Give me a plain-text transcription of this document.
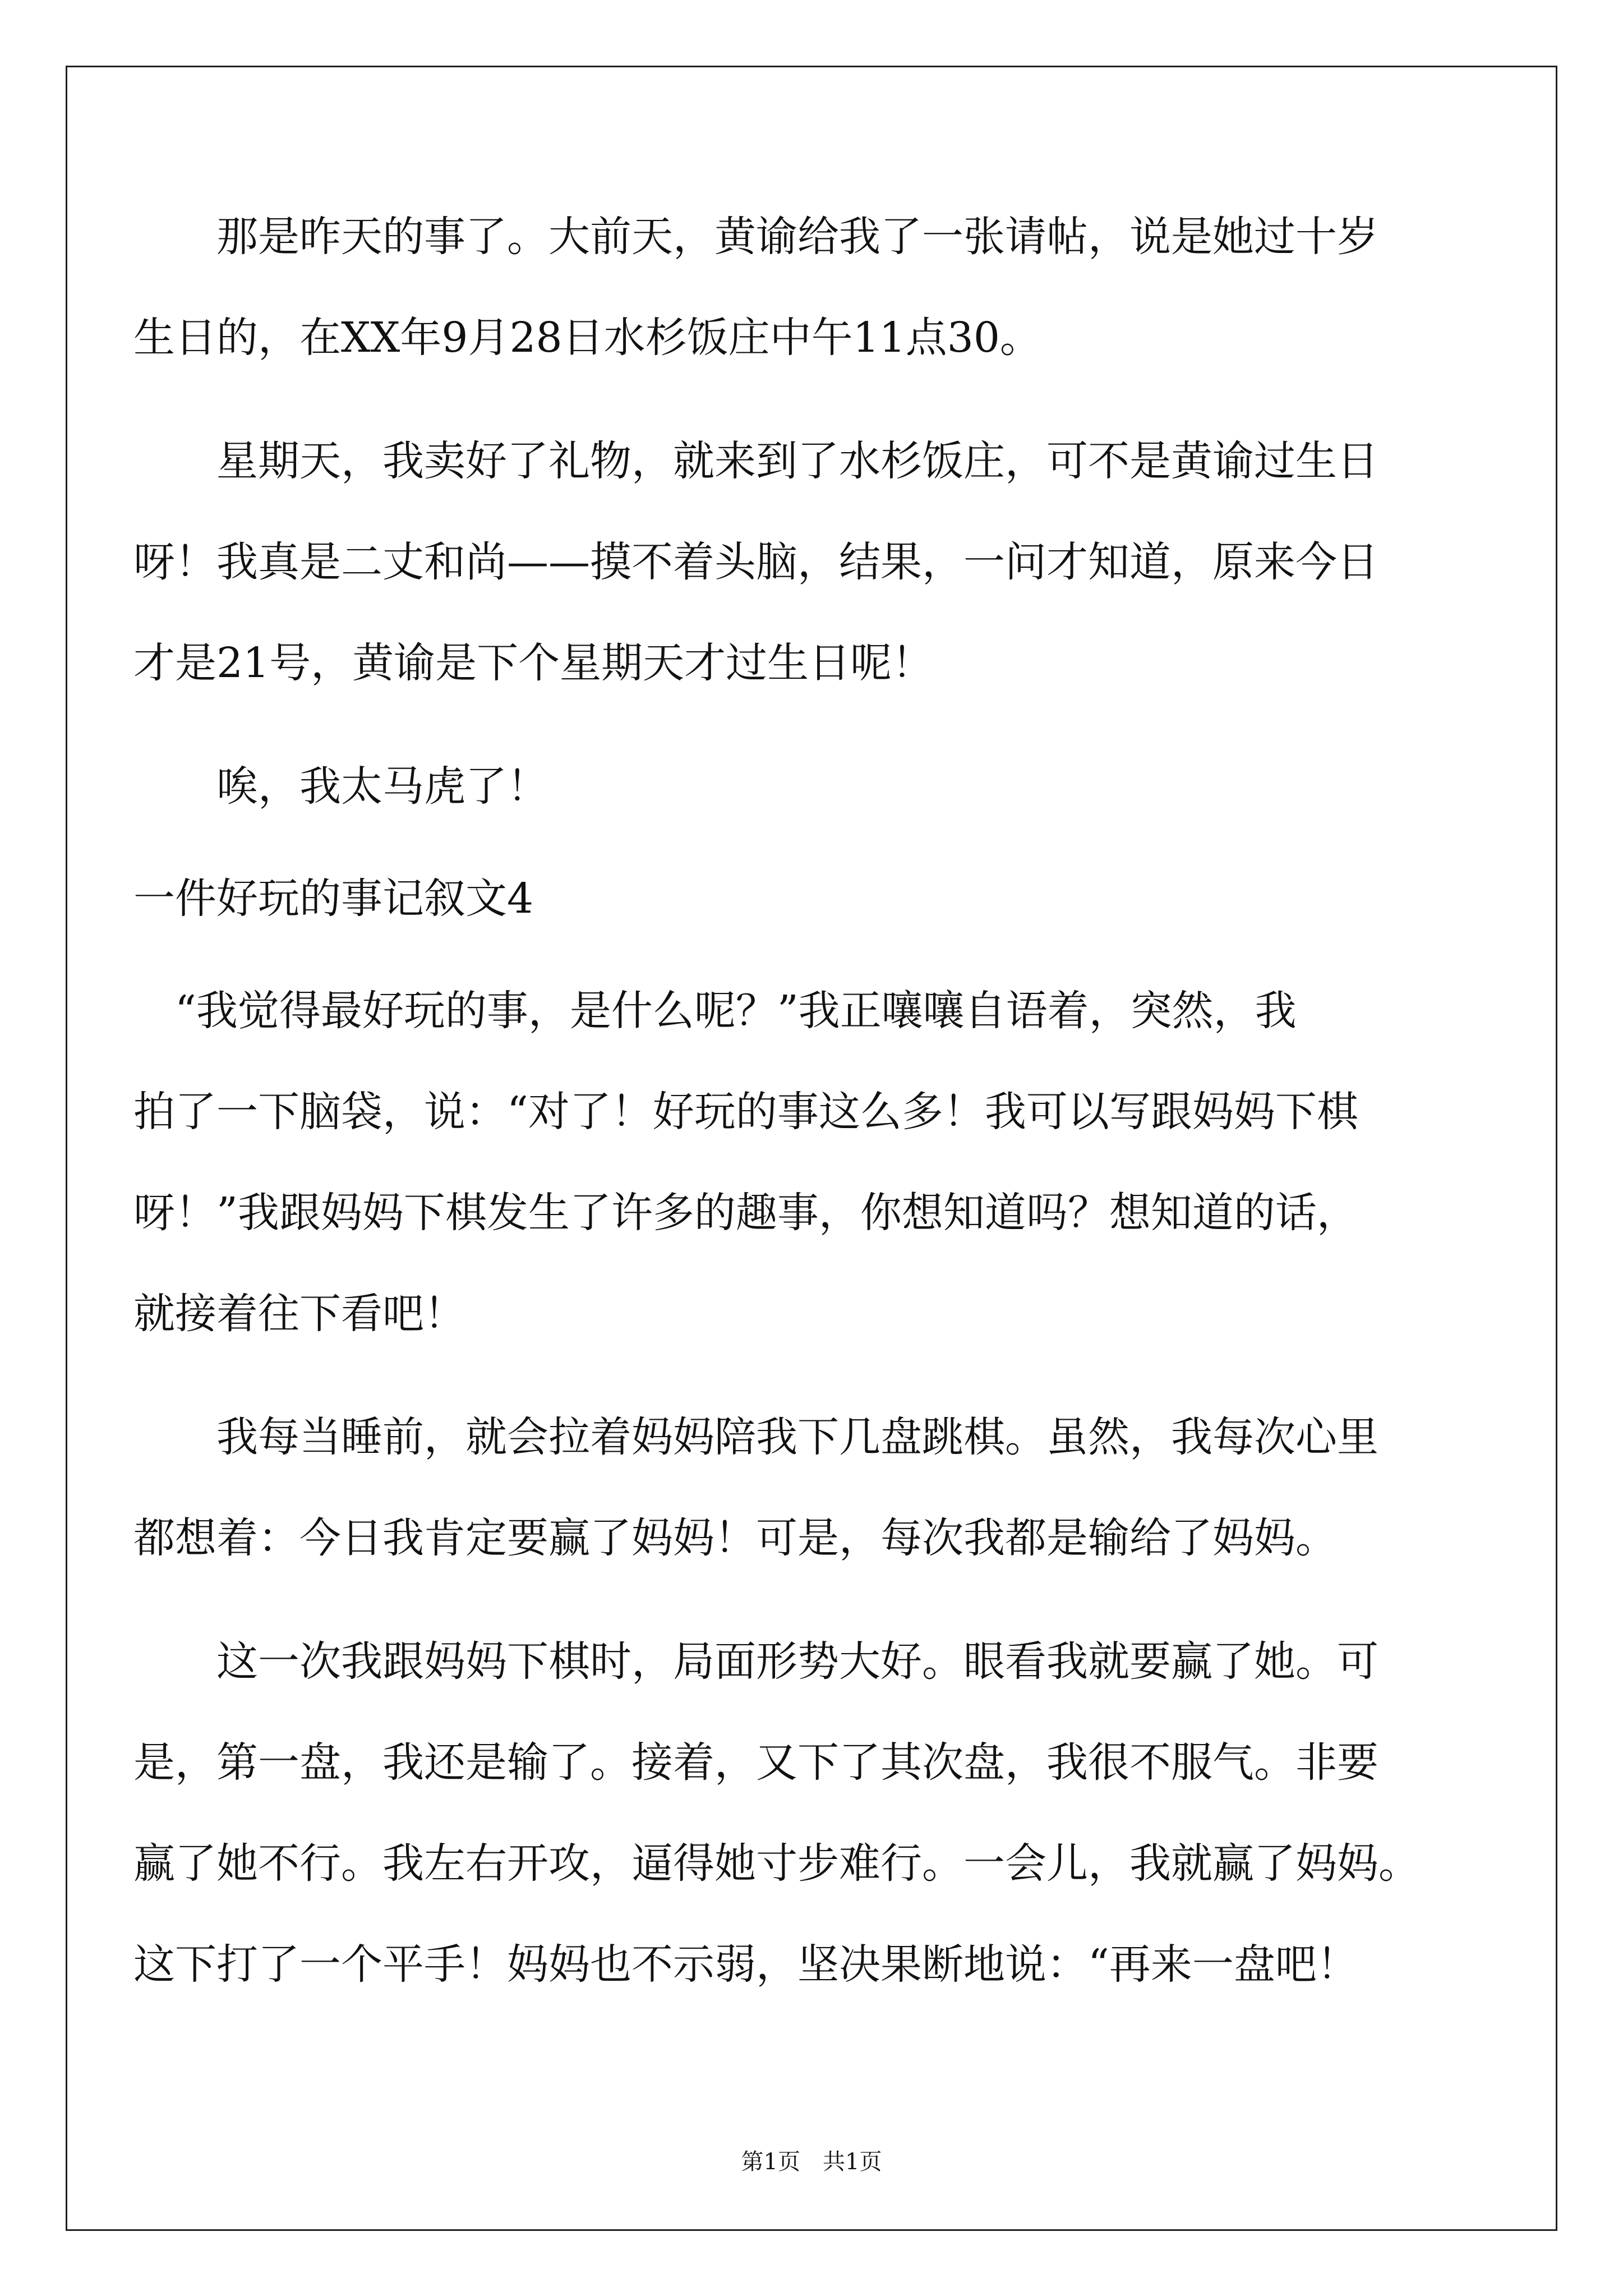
　　那是昨天的事了。大前天，黄谕给我了一张请帖，说是她过十岁
生日的，在XX年9月28日水杉饭庄中午11点30。
　　星期天，我卖好了礼物，就来到了水杉饭庄，可不是黄谕过生日
呀！我真是二丈和尚——摸不着头脑，结果，一问才知道，原来今日
才是21号，黄谕是下个星期天才过生日呢！
　　唉，我太马虎了！
一件好玩的事记叙文4
　“我觉得最好玩的事，是什么呢？”我正嚷嚷自语着，突然，我
拍了一下脑袋，说：“对了！好玩的事这么多！我可以写跟妈妈下棋
呀！”我跟妈妈下棋发生了许多的趣事，你想知道吗？想知道的话，
就接着往下看吧！
　　我每当睡前，就会拉着妈妈陪我下几盘跳棋。虽然，我每次心里
都想着：今日我肯定要赢了妈妈！可是，每次我都是输给了妈妈。
　　这一次我跟妈妈下棋时，局面形势大好。眼看我就要赢了她。可
是，第一盘，我还是输了。接着，又下了其次盘，我很不服气。非要
赢了她不行。我左右开攻，逼得她寸步难行。一会儿，我就赢了妈妈。
这下打了一个平手！妈妈也不示弱，坚决果断地说：“再来一盘吧！
第1页　共1页
